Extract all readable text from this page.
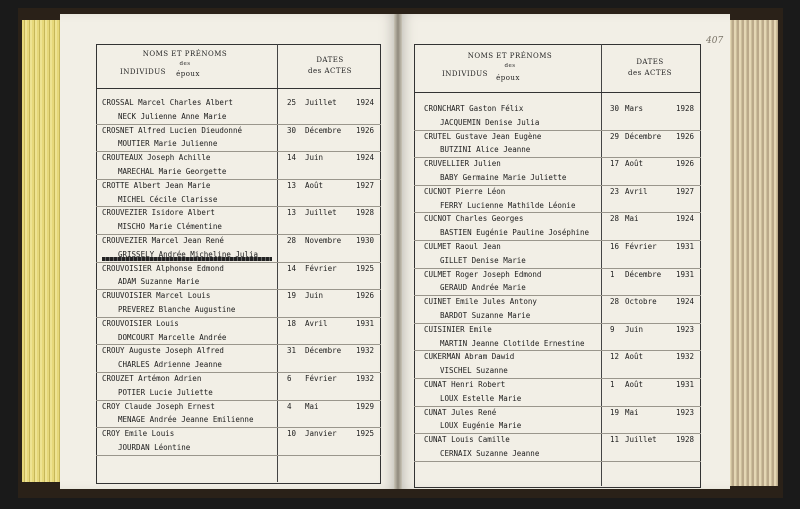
NOMS ET PRÉNOMS
des
INDIVIDUS	époux
DATES
des ACTES
NOMS ET PRÉNOMS
des
INDIVIDUS	époux
DATES
des ACTES
407
CROSSAL Marcel Charles Albert
NECK Julienne Anne Marie
25 Juillet	1924
CROSNET Alfred Lucien Dieudonné
MOUTIER Marie Julienne
30 Décembre 1926
CROUTEAUX Joseph Achille
MARECHAL Marie Georgette
14 Juin	1924
CROTTE Albert Jean Marie
MICHEL Cécile Clarisse
13 Août	1927
CROUVEZIER Isidore Albert
MISCHO Marie Clémentine
13 Juillet	1928
CROUVEZIER Marcel Jean René
GRISSELY Andrée Micheline Julia
28 Novembre 1930
CROUVOISIER Alphonse Edmond
ADAM Suzanne Marie
14 Février	1925
CRUUVOISIER Marcel Louis
PREVEREZ Blanche Augustine
19 Juin	1926
CROUVOISIER Louis
DOMCOURT Marcelle Andrée
18 Avril	1931
CROUY Auguste Joseph Alfred
CHARLES Adrienne Jeanne
31 Décembre 1932
CROUZET Artémon Adrien
POTIER Lucie Juliette
6 Février	1932
CROY Claude Joseph Ernest
MENAGE Andrée Jeanne Emilienne
4 Mai	1929
CROY Emile Louis
JOURDAN Léontine
10 Janvier	1925
CRONCHART Gaston Félix
JACQUEMIN Denise Julia
30 Mars	1928
CRUTEL Gustave Jean Eugène
BUTZINI Alice Jeanne
29 Décembre 1926
CRUVELLIER Julien
BABY Germaine Marie Juliette
17 Août	1926
CUCNOT Pierre Léon
FERRY Lucienne Mathilde Léonie
23 Avril	1927
CUCNOT Charles Georges
BASTIEN Eugénie Pauline Joséphine
28 Mai	1924
CULMET Raoul Jean
GILLET Denise Marie
16 Février	1931
CULMET Roger Joseph Edmond
GERAUD Andrée Marie
1 Décembre 1931
CUINET Emile Jules Antony
BARDOT Suzanne Marie
28 Octobre	1924
CUISINIER Emile
MARTIN Jeanne Clotilde Ernestine
9 Juin	1923
CUKERMAN Abram Dawid
VISCHEL Suzanne
12 Août	1932
CUNAT Henri Robert
LOUX Estelle Marie
1 Août	1931
CUNAT Jules René
LOUX Eugénie Marie
19 Mai	1923
CUNAT Louis Camille
CERNAIX Suzanne Jeanne
11 Juillet	1928
